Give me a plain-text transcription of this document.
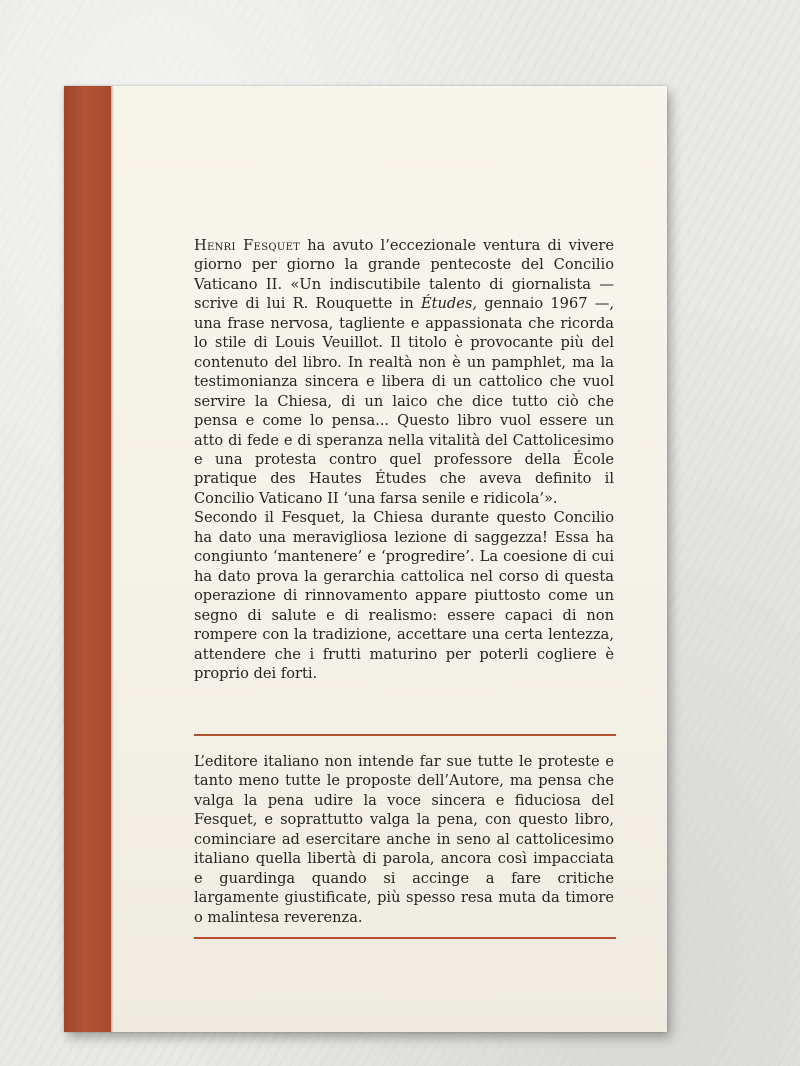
Henri Fesquet ha avuto l’eccezionale ventura di vivere giorno per giorno la grande pentecoste del Concilio Vaticano II. «Un indiscutibile talento di giornalista — scrive di lui R. Rouquette in Études, gennaio 1967 —, una frase nervosa, tagliente e appassionata che ricorda lo stile di Louis Veuillot. Il titolo è provocante più del contenuto del libro. In realtà non è un pamphlet, ma la testimonianza sincera e libera di un cattolico che vuol servire la Chiesa, di un laico che dice tutto ciò che pensa e come lo pensa... Questo libro vuol essere un atto di fede e di speranza nella vitalità del Cattolicesimo e una protesta contro quel professore della École pratique des Hautes Études che aveva definito il Concilio Vaticano II ‘una farsa senile e ridicola’».

Secondo il Fesquet, la Chiesa durante questo Concilio ha dato una meravigliosa lezione di saggezza! Essa ha congiunto ‘mantenere’ e ‘progredire’. La coesione di cui ha dato prova la gerarchia cattolica nel corso di questa operazione di rinnovamento appare piuttosto come un segno di salute e di realismo: essere capaci di non rompere con la tradizione, accettare una certa lentezza, attendere che i frutti maturino per poterli cogliere è proprio dei forti.

L’editore italiano non intende far sue tutte le proteste e tanto meno tutte le proposte dell’Autore, ma pensa che valga la pena udire la voce sincera e fiduciosa del Fesquet, e soprattutto valga la pena, con questo libro, cominciare ad esercitare anche in seno al cattolicesimo italiano quella libertà di parola, ancora così impacciata e guardinga quando si accinge a fare critiche largamente giustificate, più spesso resa muta da timore o malintesa reverenza.
